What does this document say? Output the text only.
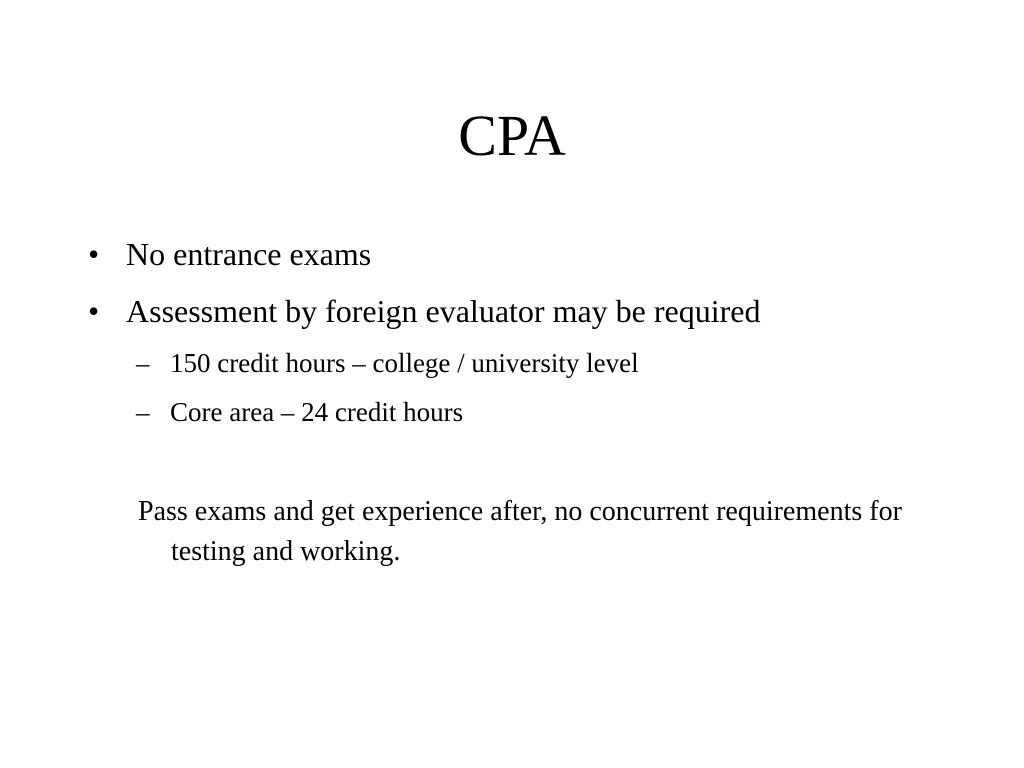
CPA
• No entrance exams
• Assessment by foreign evaluator may be required
– 150 credit hours – college / university level
– Core area – 24 credit hours
Pass exams and get experience after, no concurrent requirements for testing and working.
